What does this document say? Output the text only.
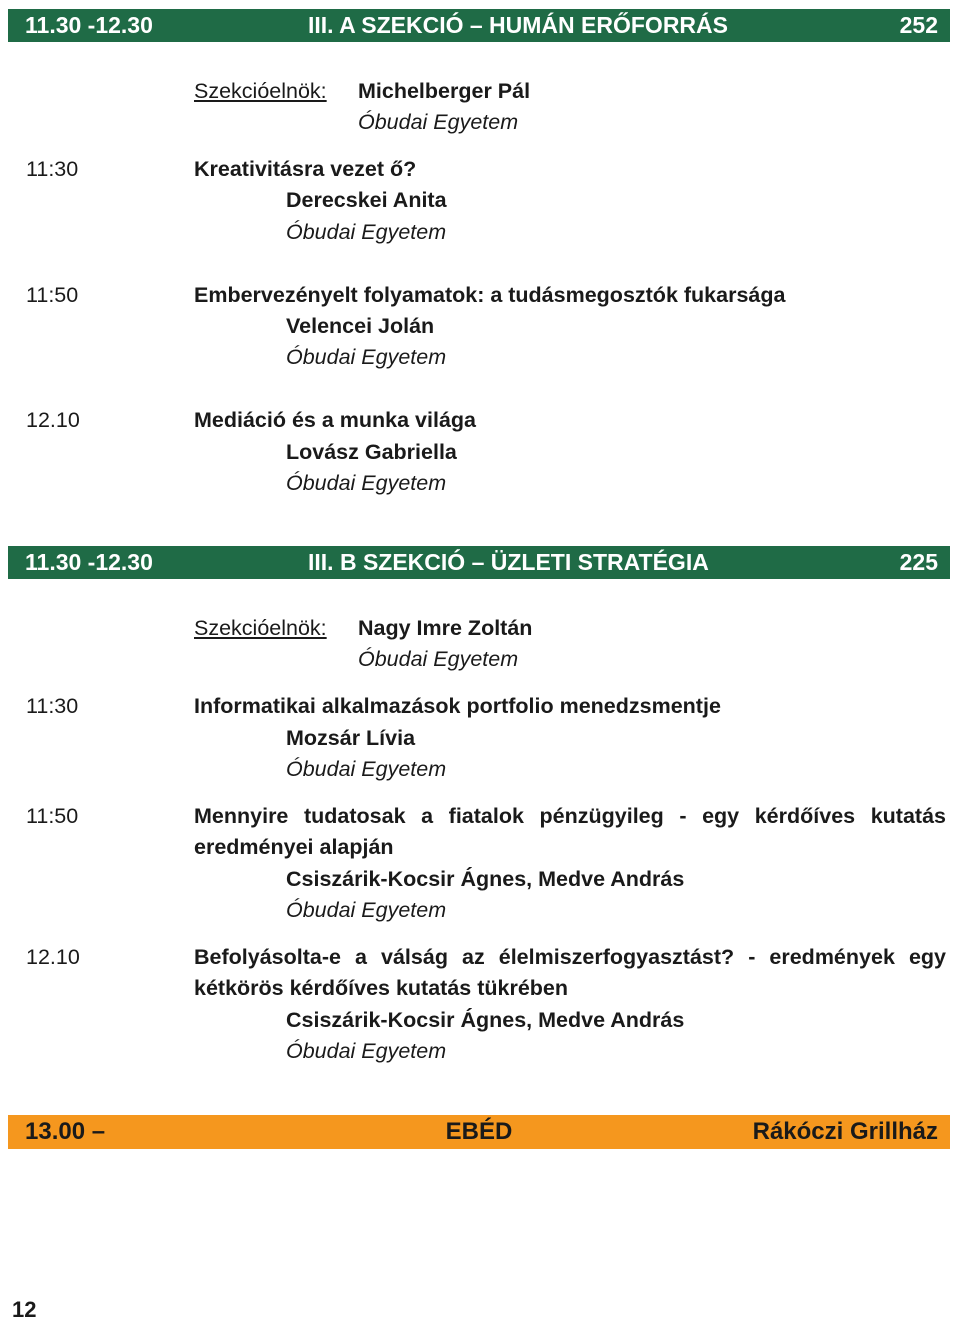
11.30 -12.30	III. A SZEKCIÓ – HUMÁN ERŐFORRÁS	252
Szekcióelnök: Michelberger Pál
Óbudai Egyetem
11:30	Kreativitásra vezet ő?
Derecskei Anita
Óbudai Egyetem
11:50	Embervezényelt folyamatok: a tudásmegosztók fukarsága
Velencei Jolán
Óbudai Egyetem
12.10	Mediáció és a munka világa
Lovász Gabriella
Óbudai Egyetem
11.30 -12.30	III. B SZEKCIÓ – ÜZLETI STRATÉGIA	225
Szekcióelnök: Nagy Imre Zoltán
Óbudai Egyetem
11:30	Informatikai alkalmazások portfolio menedzsmentje
Mozsár Lívia
Óbudai Egyetem
11:50	Mennyire tudatosak a fiatalok pénzügyileg - egy kérdőíves kutatás
eredményei alapján
Csiszárik-Kocsir Ágnes, Medve András
Óbudai Egyetem
12.10	Befolyásolta-e a válság az élelmiszerfogyasztást? - eredmények egy
kétkörös kérdőíves kutatás tükrében
Csiszárik-Kocsir Ágnes, Medve András
Óbudai Egyetem
13.00 –	EBÉD	Rákóczi Grillház
12
